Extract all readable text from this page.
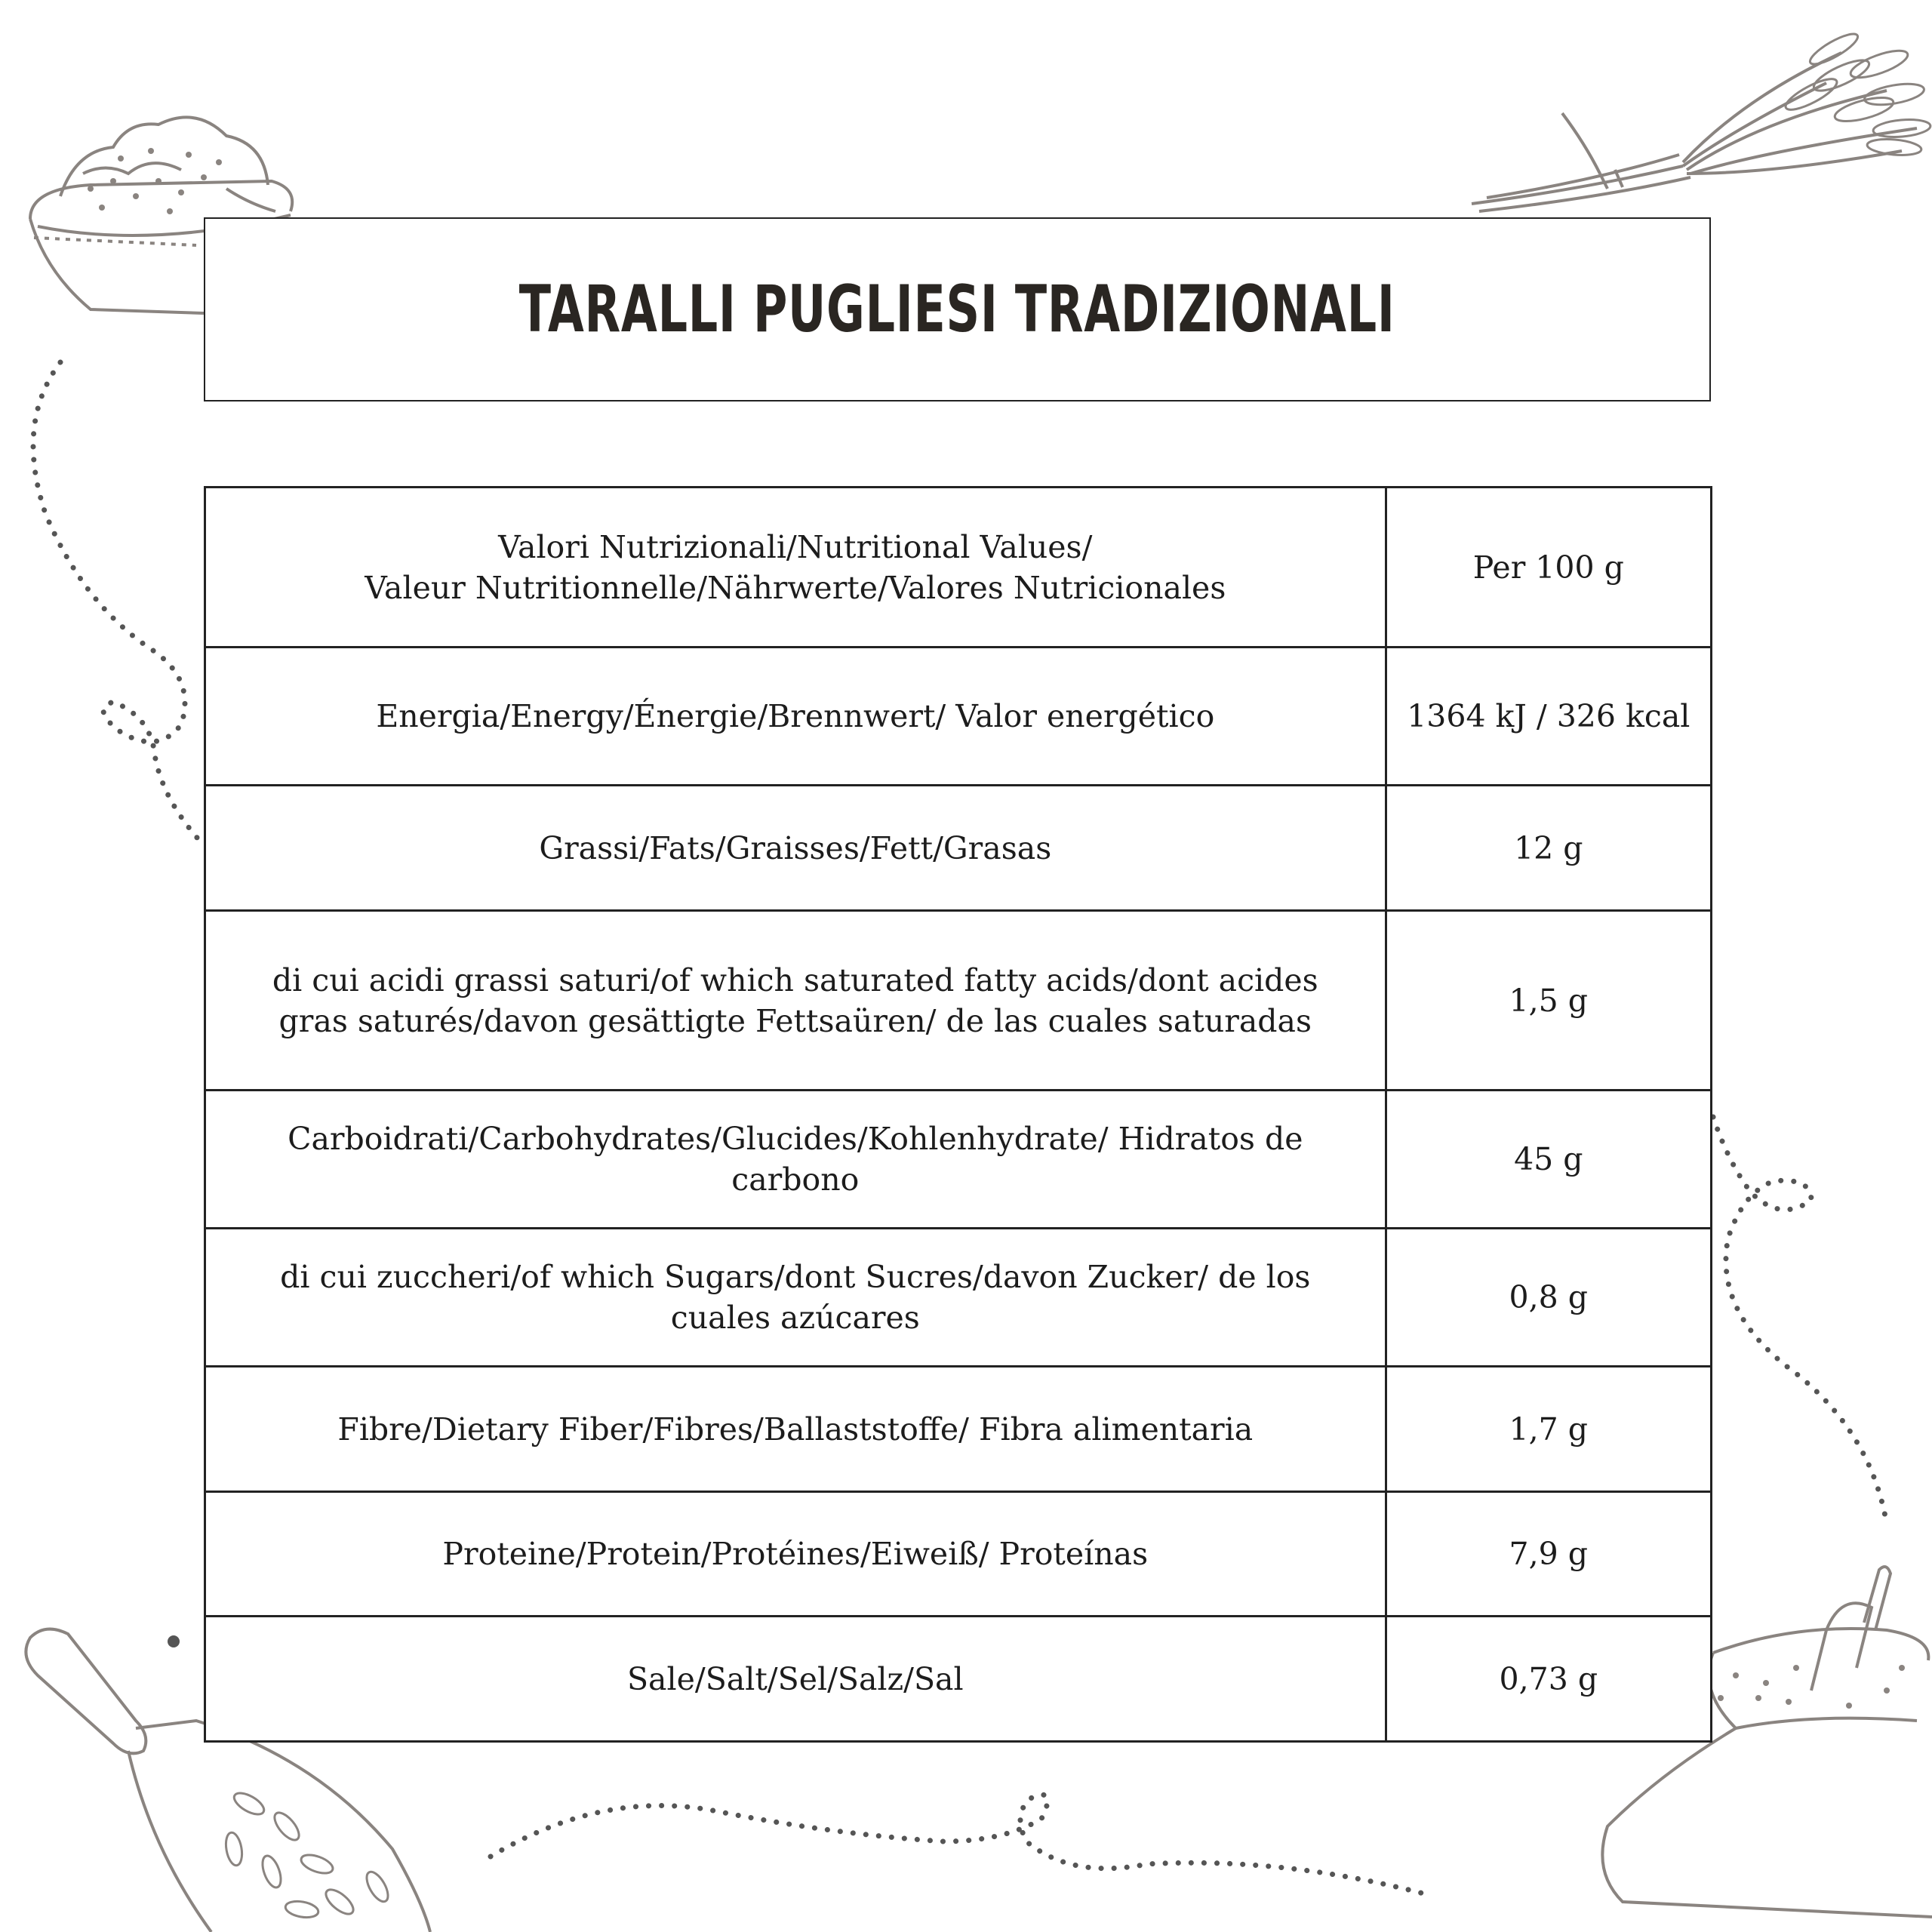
TARALLI PUGLIESI TRADIZIONALI
Valori Nutrizionali/Nutritional Values/
Valeur Nutritionnelle/Nährwerte/Valores Nutricionales	Per 100 g
Energia/Energy/Énergie/Brennwert/ Valor energético	1364 kJ / 326 kcal
Grassi/Fats/Graisses/Fett/Grasas	12 g
di cui acidi grassi saturi/of which saturated fatty acids/dont acides gras saturés/davon gesättigte Fettsaüren/ de las cuales saturadas	1,5 g
Carboidrati/Carbohydrates/Glucides/Kohlenhydrate/ Hidratos de carbono	45 g
di cui zuccheri/of which Sugars/dont Sucres/davon Zucker/ de los cuales azúcares	0,8 g
Fibre/Dietary Fiber/Fibres/Ballaststoffe/ Fibra alimentaria	1,7 g
Proteine/Protein/Protéines/Eiweiß/ Proteínas	7,9 g
Sale/Salt/Sel/Salz/Sal	0,73 g
